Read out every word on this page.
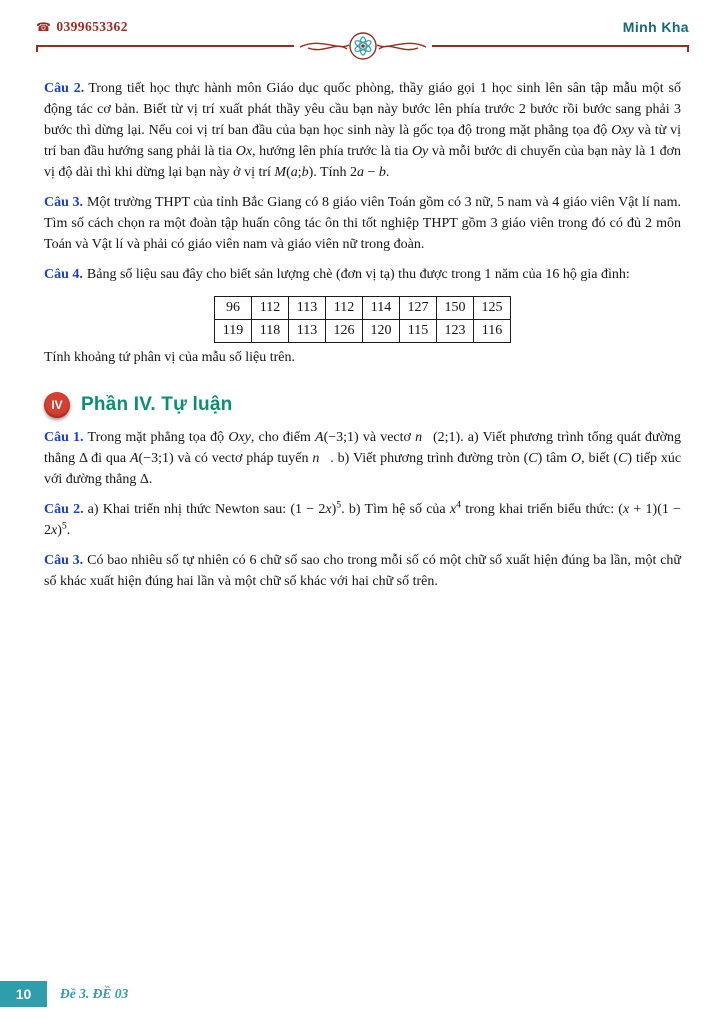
☎ 0399653362	Minh Kha

Câu 2. Trong tiết học thực hành môn Giáo dục quốc phòng, thầy giáo gọi 1 học sinh lên sân tập mẫu một số động tác cơ bản. Biết từ vị trí xuất phát thầy yêu cầu bạn này bước lên phía trước 2 bước rồi bước sang phải 3 bước thì dừng lại. Nếu coi vị trí ban đầu của bạn học sinh này là gốc tọa độ trong mặt phẳng tọa độ Oxy và từ vị trí ban đầu hướng sang phải là tia Ox, hướng lên phía trước là tia Oy và mỗi bước di chuyển của bạn này là 1 đơn vị độ dài thì khi dừng lại bạn này ở vị trí M(a;b). Tính 2a − b.

Câu 3. Một trường THPT của tỉnh Bắc Giang có 8 giáo viên Toán gồm có 3 nữ, 5 nam và 4 giáo viên Vật lí nam. Tìm số cách chọn ra một đoàn tập huấn công tác ôn thi tốt nghiệp THPT gồm 3 giáo viên trong đó có đủ 2 môn Toán và Vật lí và phải có giáo viên nam và giáo viên nữ trong đoàn.

Câu 4. Bảng số liệu sau đây cho biết sản lượng chè (đơn vị tạ) thu được trong 1 năm của 16 hộ gia đình:

96	112	113	112	114	127	150	125
119	118	113	126	120	115	123	116

Tính khoảng tứ phân vị của mẫu số liệu trên.

IV Phần IV. Tự luận

Câu 1. Trong mặt phẳng tọa độ Oxy, cho điểm A(−3;1) và vectơ n⃗(2;1). a) Viết phương trình tổng quát đường thẳng Δ đi qua A(−3;1) và có vectơ pháp tuyến n⃗. b) Viết phương trình đường tròn (C) tâm O, biết (C) tiếp xúc với đường thẳng Δ.

Câu 2. a) Khai triển nhị thức Newton sau: $(1 - 2x)^5$. b) Tìm hệ số của $x^4$ trong khai triển biểu thức: $(x + 1)(1 - 2x)^5$.

Câu 3. Có bao nhiêu số tự nhiên có 6 chữ số sao cho trong mỗi số có một chữ số xuất hiện đúng ba lần, một chữ số khác xuất hiện đúng hai lần và một chữ số khác với hai chữ số trên.

10	Đề 3. ĐỀ 03
